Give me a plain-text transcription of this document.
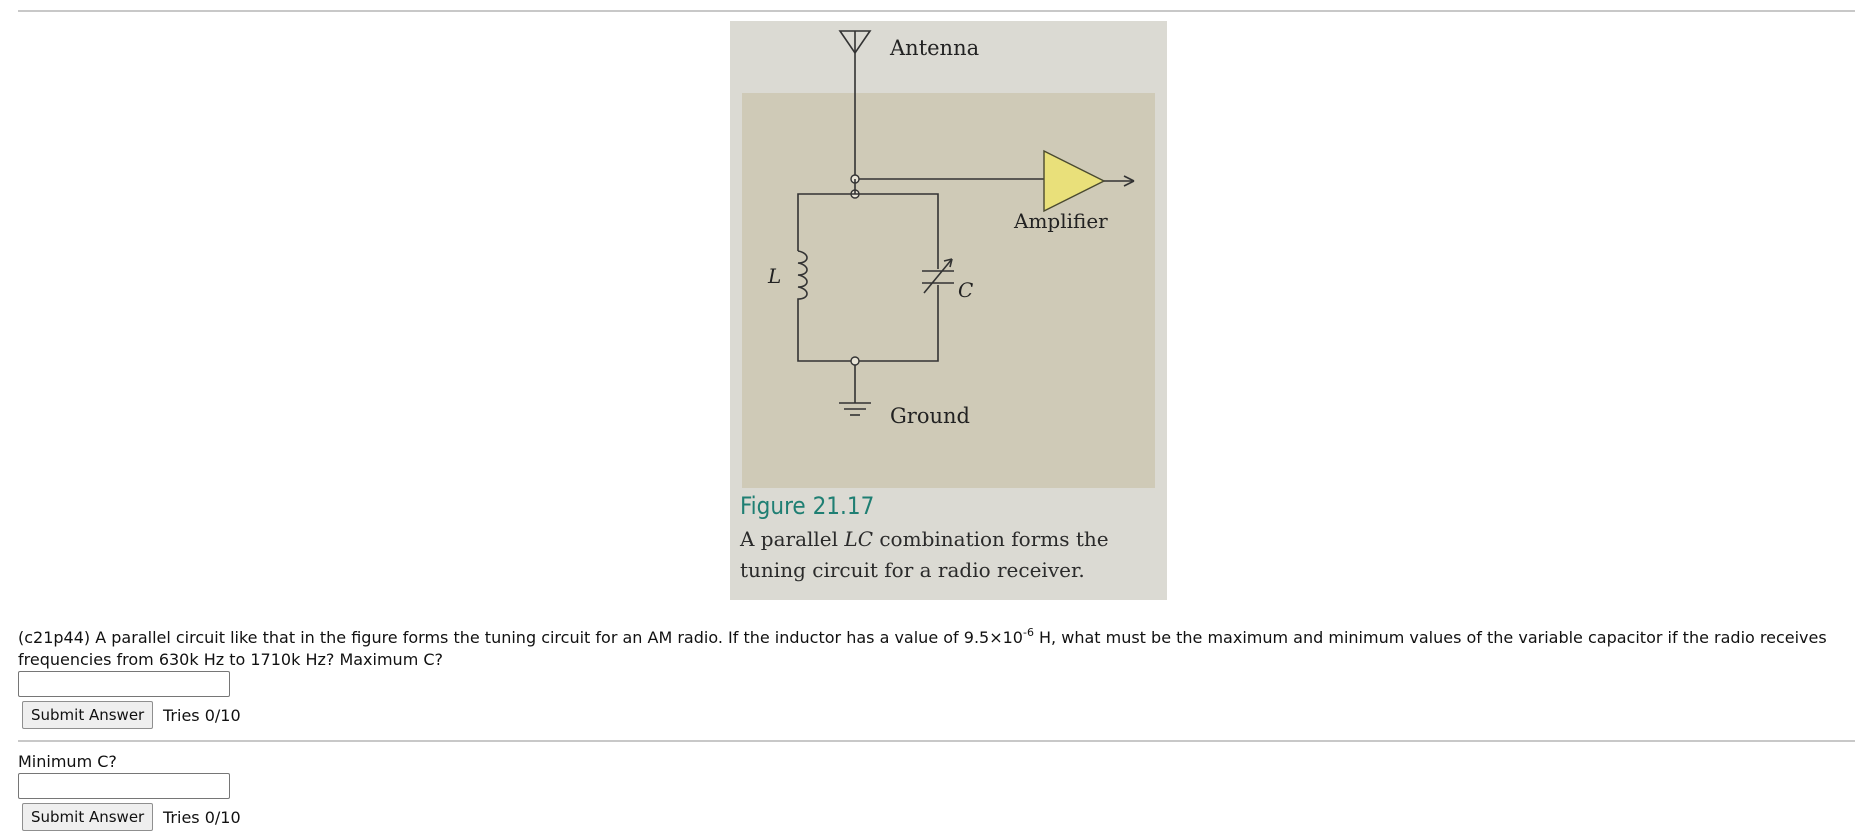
Antenna
Amplifier
L
C
Ground
Figure 21.17
A parallel LC combination forms the
tuning circuit for a radio receiver.

(c21p44) A parallel circuit like that in the figure forms the tuning circuit for an AM radio. If the inductor has a value of $9.5\times 10^{-6}$ H, what must be the maximum and minimum values of the variable capacitor if the radio receives frequencies from 630k Hz to 1710k Hz? Maximum C?

Submit Answer	Tries 0/10
Minimum C?
Submit Answer	Tries 0/10
